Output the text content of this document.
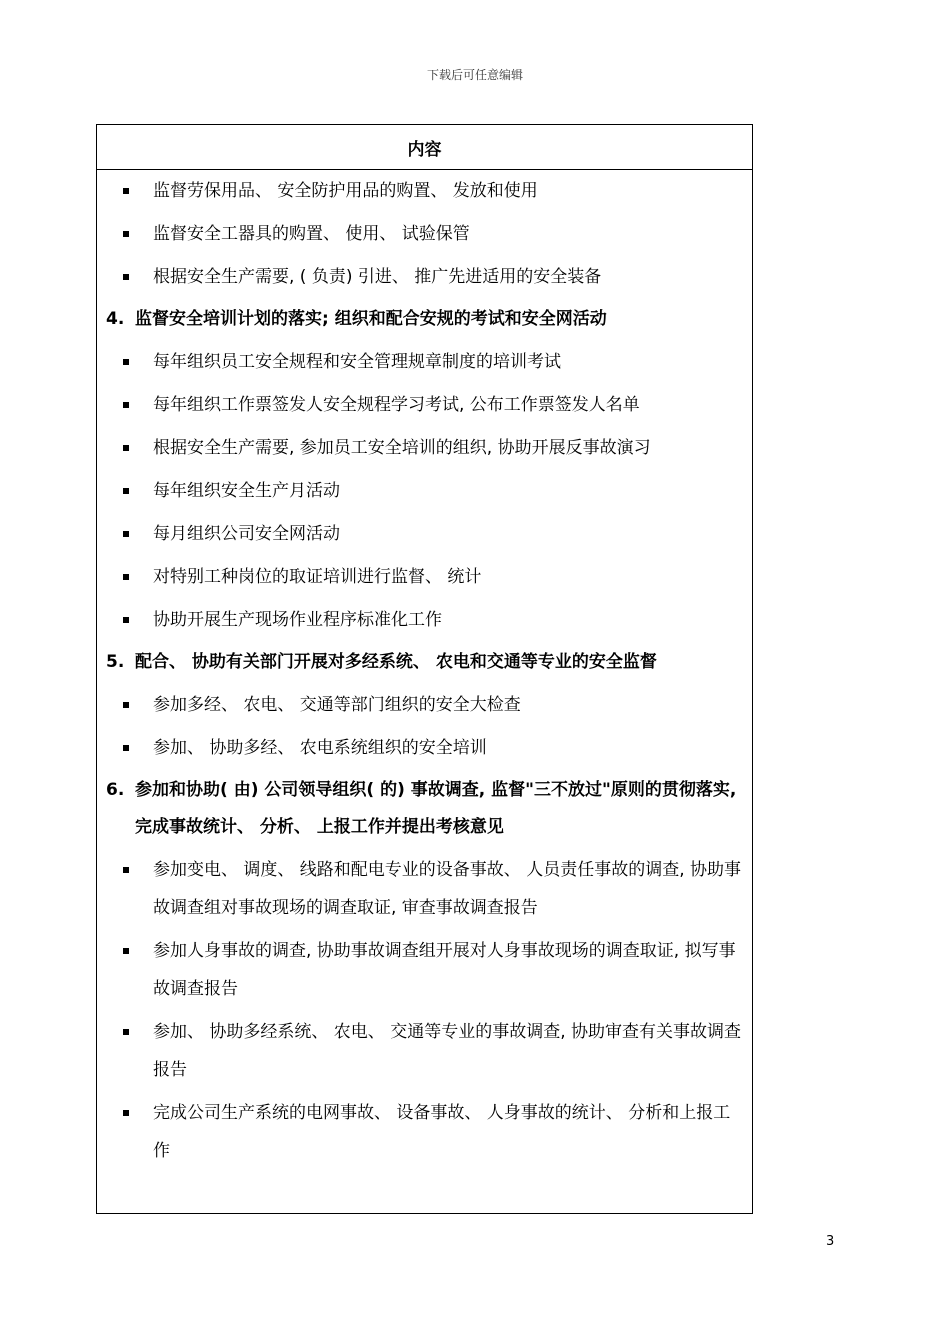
下载后可任意编辑
内容
监督劳保用品、 安全防护用品的购置、 发放和使用
监督安全工器具的购置、 使用、 试验保管
根据安全生产需要, ( 负责) 引进、 推广先进适用的安全装备
4. 监督安全培训计划的落实; 组织和配合安规的考试和安全网活动
每年组织员工安全规程和安全管理规章制度的培训考试
每年组织工作票签发人安全规程学习考试, 公布工作票签发人名单
根据安全生产需要, 参加员工安全培训的组织, 协助开展反事故演习
每年组织安全生产月活动
每月组织公司安全网活动
对特别工种岗位的取证培训进行监督、 统计
协助开展生产现场作业程序标准化工作
5. 配合、 协助有关部门开展对多经系统、 农电和交通等专业的安全监督
参加多经、 农电、 交通等部门组织的安全大检查
参加、 协助多经、 农电系统组织的安全培训
6. 参加和协助( 由) 公司领导组织( 的) 事故调查, 监督"三不放过"原则的贯彻落实, 完成事故统计、 分析、 上报工作并提出考核意见
参加变电、 调度、 线路和配电专业的设备事故、 人员责任事故的调查, 协助事故调查组对事故现场的调查取证, 审查事故调查报告
参加人身事故的调查, 协助事故调查组开展对人身事故现场的调查取证, 拟写事故调查报告
参加、 协助多经系统、 农电、 交通等专业的事故调查, 协助审查有关事故调查报告
完成公司生产系统的电网事故、 设备事故、 人身事故的统计、 分析和上报工作
3
